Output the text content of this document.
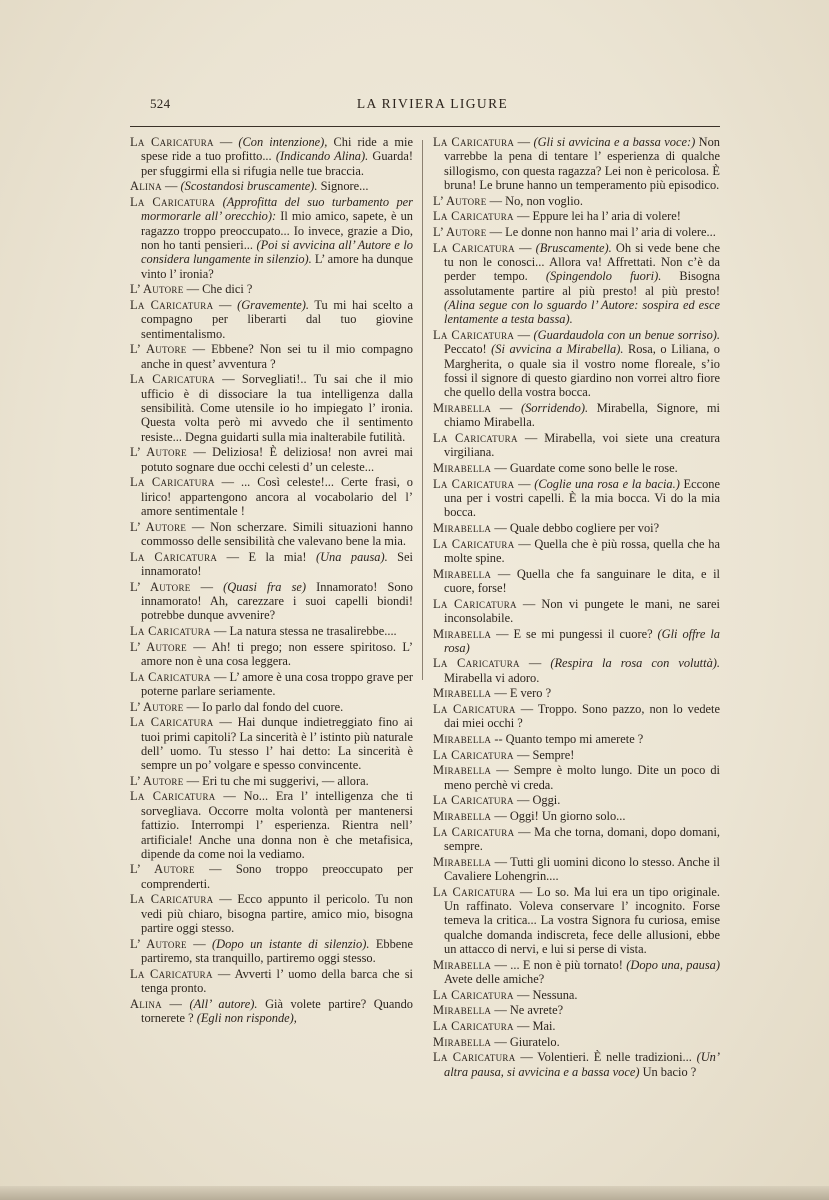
524	LA RIVIERA LIGURE

La Caricatura — (Con intenzione), Chi ride a mie spese ride a tuo profitto... (Indicando Alina). Guarda! per sfuggirmi ella si rifugia nelle tue braccia.

Alina — (Scostandosi bruscamente). Signore...

La Caricatura (Approfitta del suo turbamento per mormorarle all’ orecchio): Il mio amico, sapete, è un ragazzo troppo preoccupato... Io invece, grazie a Dio, non ho tanti pensieri... (Poi si avvicina all’ Autore e lo considera lungamente in silenzio). L’ amore ha dunque vinto l’ ironia?

L’ Autore — Che dici ?

La Caricatura — (Gravemente). Tu mi hai scelto a compagno per liberarti dal tuo giovine sentimentalismo.

L’ Autore — Ebbene? Non sei tu il mio compagno anche in quest’ avventura ?

La Caricatura — Sorvegliati!.. Tu sai che il mio ufficio è di dissociare la tua intelligenza dalla sensibilità. Come utensile io ho impiegato l’ ironia. Questa volta però mi avvedo che il sentimento resiste... Degna guidarti sulla mia inalterabile futilità.

L’ Autore — Deliziosa! È deliziosa! non avrei mai potuto sognare due occhi celesti d’ un celeste...

La Caricatura — ... Così celeste!... Certe frasi, o lirico! appartengono ancora al vocabolario del l’ amore sentimentale !

L’ Autore — Non scherzare. Simili situazioni hanno commosso delle sensibilità che valevano bene la mia.

La Caricatura — E la mia! (Una pausa). Sei innamorato!

L’ Autore — (Quasi fra se) Innamorato! Sono innamorato! Ah, carezzare i suoi capelli biondi! potrebbe dunque avvenire?

La Caricatura — La natura stessa ne trasalirebbe....

L’ Autore — Ah! ti prego; non essere spiritoso. L’ amore non è una cosa leggera.

La Caricatura — L’ amore è una cosa troppo grave per poterne parlare seriamente.

L’ Autore — Io parlo dal fondo del cuore.

La Caricatura — Hai dunque indietreggiato fino ai tuoi primi capitoli? La sincerità è l’ istinto più naturale dell’ uomo. Tu stesso l’ hai detto: La sincerità è sempre un po’ volgare e spesso convincente.

L’ Autore — Eri tu che mi suggerivi, — allora.

La Caricatura — No... Era l’ intelligenza che ti sorvegliava. Occorre molta volontà per mantenersi fattizio. Interrompi l’ esperienza. Rientra nell’ artificiale! Anche una donna non è che metafisica, dipende da come noi la vediamo.

L’ Autore — Sono troppo preoccupato per comprenderti.

La Caricatura — Ecco appunto il pericolo. Tu non vedi più chiaro, bisogna partire, amico mio, bisogna partire oggi stesso.

L’ Autore — (Dopo un istante di silenzio). Ebbene partiremo, sta tranquillo, partiremo oggi stesso.

La Caricatura — Avverti l’ uomo della barca che si tenga pronto.

Alina — (All’ autore). Già volete partire? Quando tornerete ? (Egli non risponde),

La Caricatura — (Gli si avvicina e a bassa voce:) Non varrebbe la pena di tentare l’ esperienza di qualche sillogismo, con questa ragazza? Lei non è pericolosa. È bruna! Le brune hanno un temperamento più episodico.

L’ Autore — No, non voglio.

La Caricatura — Eppure lei ha l’ aria di volere!

L’ Autore — Le donne non hanno mai l’ aria di volere...

La Caricatura — (Bruscamente). Oh si vede bene che tu non le conosci... Allora va! Affrettati. Non c’è da perder tempo. (Spingendolo fuori). Bisogna assolutamente partire al più presto! al più presto! (Alina segue con lo sguardo l’ Autore: sospira ed esce lentamente a testa bassa).

La Caricatura — (Guardaudola con un benue sorriso). Peccato! (Si avvicina a Mirabella). Rosa, o Liliana, o Margherita, o quale sia il vostro nome floreale, s’io fossi il signore di questo giardino non vorrei altro fiore che quello della vostra bocca.

Mirabella — (Sorridendo). Mirabella, Signore, mi chiamo Mirabella.

La Caricatura — Mirabella, voi siete una creatura virgiliana.

Mirabella — Guardate come sono belle le rose.

La Caricatura — (Coglie una rosa e la bacia.) Eccone una per i vostri capelli. È la mia bocca. Vi do la mia bocca.

Mirabella — Quale debbo cogliere per voi?

La Caricatura — Quella che è più rossa, quella che ha molte spine.

Mirabella — Quella che fa sanguinare le dita, e il cuore, forse!

La Caricatura — Non vi pungete le mani, ne sarei inconsolabile.

Mirabella — E se mi pungessi il cuore? (Gli offre la rosa)

La Caricatura — (Respira la rosa con voluttà). Mirabella vi adoro.

Mirabella — E vero ?

La Caricatura — Troppo. Sono pazzo, non lo vedete dai miei occhi ?

Mirabella -- Quanto tempo mi amerete ?

La Caricatura — Sempre!

Mirabella — Sempre è molto lungo. Dite un poco di meno perchè vi creda.

La Caricatura — Oggi.

Mirabella — Oggi! Un giorno solo...

La Caricatura — Ma che torna, domani, dopo domani, sempre.

Mirabella — Tutti gli uomini dicono lo stesso. Anche il Cavaliere Lohengrin....

La Caricatura — Lo so. Ma lui era un tipo originale. Un raffinato. Voleva conservare l’ incognito. Forse temeva la critica... La vostra Signora fu curiosa, emise qualche domanda indiscreta, fece delle allusioni, ebbe un attacco di nervi, e lui si perse di vista.

Mirabella — ... E non è più tornato! (Dopo una, pausa) Avete delle amiche?

La Caricatura — Nessuna.

Mirabella — Ne avrete?

La Caricatura — Mai.

Mirabella — Giuratelo.

La Caricatura — Volentieri. È nelle tradizioni... (Un’ altra pausa, si avvicina e a bassa voce) Un bacio ?
